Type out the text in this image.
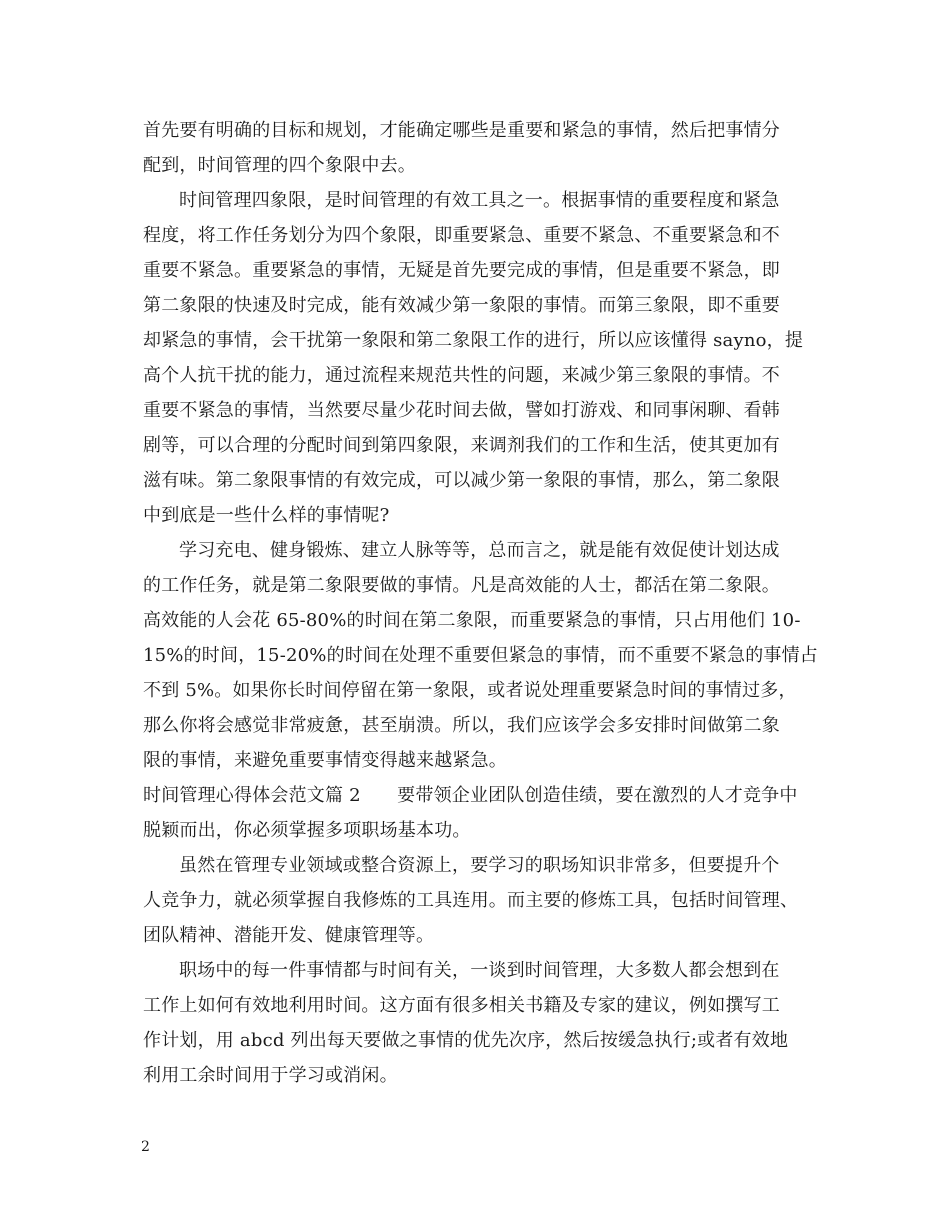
首先要有明确的目标和规划，才能确定哪些是重要和紧急的事情，然后把事情分
配到，时间管理的四个象限中去。
时间管理四象限，是时间管理的有效工具之一。根据事情的重要程度和紧急
程度，将工作任务划分为四个象限，即重要紧急、重要不紧急、不重要紧急和不
重要不紧急。重要紧急的事情，无疑是首先要完成的事情，但是重要不紧急，即
第二象限的快速及时完成，能有效减少第一象限的事情。而第三象限，即不重要
却紧急的事情，会干扰第一象限和第二象限工作的进行，所以应该懂得 sayno，提
高个人抗干扰的能力，通过流程来规范共性的问题，来减少第三象限的事情。不
重要不紧急的事情，当然要尽量少花时间去做，譬如打游戏、和同事闲聊、看韩
剧等，可以合理的分配时间到第四象限，来调剂我们的工作和生活，使其更加有
滋有味。第二象限事情的有效完成，可以减少第一象限的事情，那么，第二象限
中到底是一些什么样的事情呢?
学习充电、健身锻炼、建立人脉等等，总而言之，就是能有效促使计划达成
的工作任务，就是第二象限要做的事情。凡是高效能的人士，都活在第二象限。
高效能的人会花 65-80%的时间在第二象限，而重要紧急的事情，只占用他们 10-
15%的时间，15-20%的时间在处理不重要但紧急的事情，而不重要不紧急的事情占
不到 5%。如果你长时间停留在第一象限，或者说处理重要紧急时间的事情过多，
那么你将会感觉非常疲惫，甚至崩溃。所以，我们应该学会多安排时间做第二象
限的事情，来避免重要事情变得越来越紧急。
时间管理心得体会范文篇 2　　要带领企业团队创造佳绩，要在激烈的人才竞争中
脱颖而出，你必须掌握多项职场基本功。
虽然在管理专业领域或整合资源上，要学习的职场知识非常多，但要提升个
人竞争力，就必须掌握自我修炼的工具连用。而主要的修炼工具，包括时间管理、
团队精神、潜能开发、健康管理等。
职场中的每一件事情都与时间有关，一谈到时间管理，大多数人都会想到在
工作上如何有效地利用时间。这方面有很多相关书籍及专家的建议，例如撰写工
作计划，用 abcd 列出每天要做之事情的优先次序，然后按缓急执行;或者有效地
利用工余时间用于学习或消闲。
2
